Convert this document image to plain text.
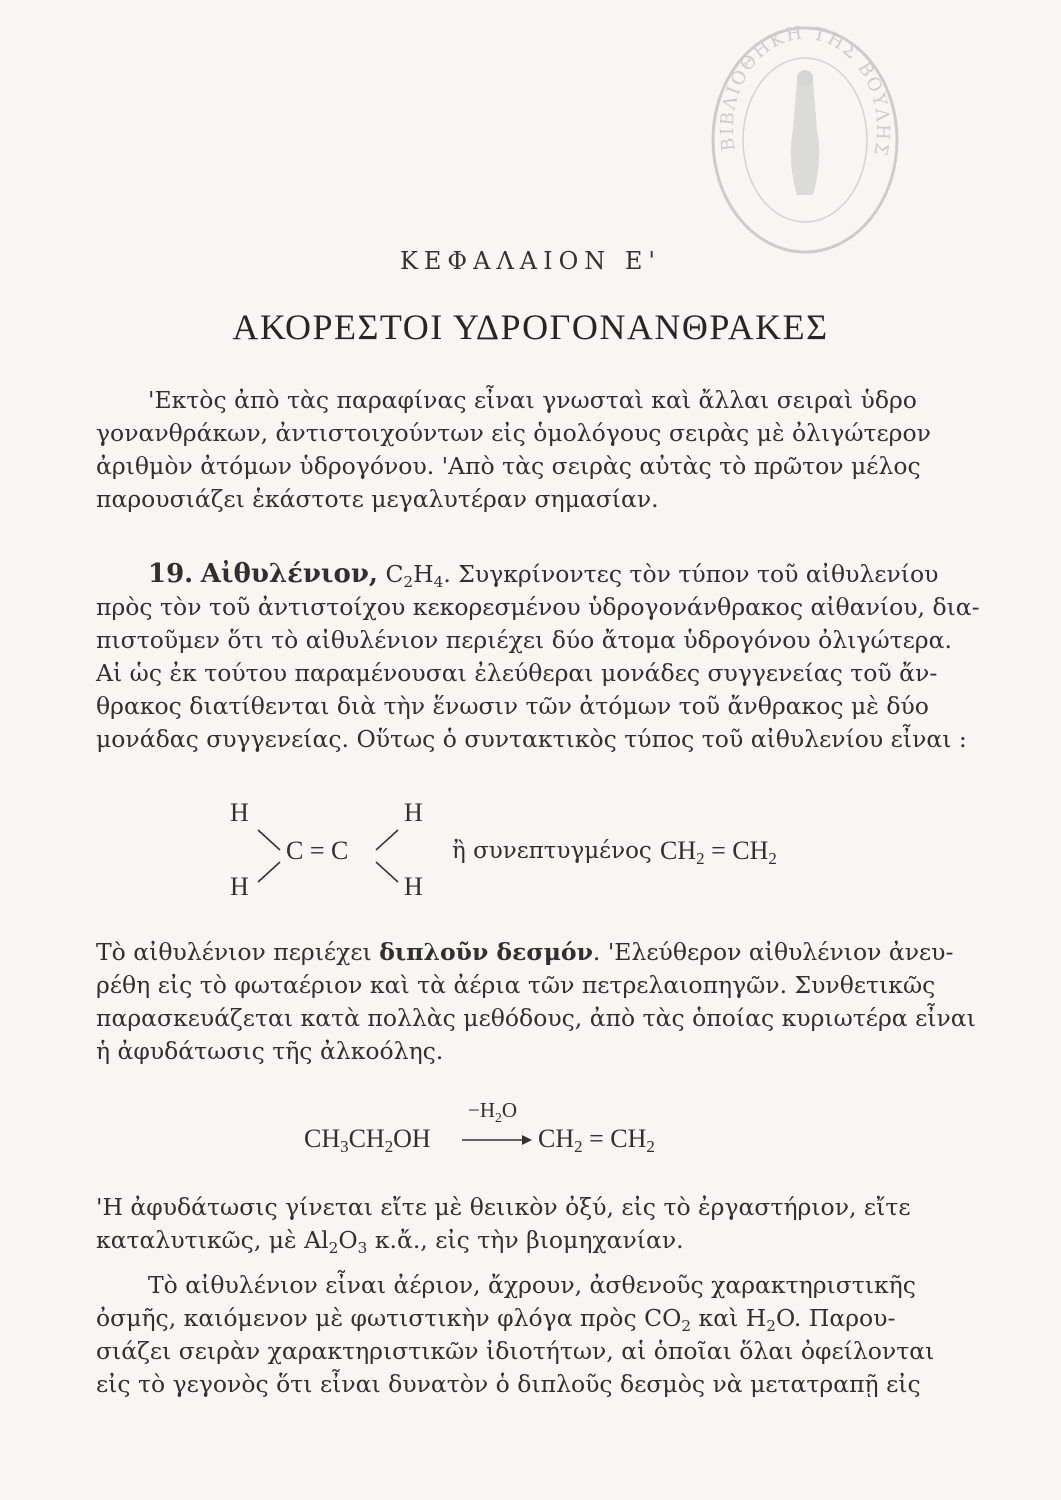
ΒΙΒΛΙΟΘΗΚΗ ΤΗΣ ΒΟΥΛΗΣ
ΚΕΦΑΛΑΙΟΝ Ε'
ΑΚΟΡΕΣΤΟΙ ΥΔΡΟΓΟΝΑΝΘΡΑΚΕΣ
'Εκτὸς ἀπὸ τὰς παραφίνας εἶναι γνωσταὶ καὶ ἄλλαι σειραὶ ὑδρο
γονανθράκων, ἀντιστοιχούντων εἰς ὁμολόγους σειρὰς μὲ ὀλιγώτερον
ἀριθμὸν ἀτόμων ὑδρογόνου. 'Απὸ τὰς σειρὰς αὐτὰς τὸ πρῶτον μέλος
παρουσιάζει ἑκάστοτε μεγαλυτέραν σημασίαν.
19. Αἰθυλένιον, $C_2H_4$. Συγκρίνοντες τὸν τύπον τοῦ αἰθυλενίου
πρὸς τὸν τοῦ ἀντιστοίχου κεκορεσμένου ὑδρογονάνθρακος αἰθανίου, δια-
πιστοῦμεν ὅτι τὸ αἰθυλένιον περιέχει δύο ἄτομα ὑδρογόνου ὀλιγώτερα.
Αἱ ὡς ἐκ τούτου παραμένουσαι ἐλεύθεραι μονάδες συγγενείας τοῦ ἄν-
θρακος διατίθενται διὰ τὴν ἕνωσιν τῶν ἀτόμων τοῦ ἄνθρακος μὲ δύο
μονάδας συγγενείας. Οὕτως ὁ συντακτικὸς τύπος τοῦ αἰθυλενίου εἶναι :
H	H
H	H
C = C	ἢ συνεπτυγμένος $CH_2 = CH_2$
Τὸ αἰθυλένιον περιέχει διπλοῦν δεσμόν. 'Ελεύθερον αἰθυλένιον ἀνευ-
ρέθη εἰς τὸ φωταέριον καὶ τὰ ἀέρια τῶν πετρελαιοπηγῶν. Συνθετικῶς
παρασκευάζεται κατὰ πολλὰς μεθόδους, ἀπὸ τὰς ὁποίας κυριωτέρα εἶναι
ἡ ἀφυδάτωσις τῆς ἀλκοόλης.
$CH_3CH_2OH$
$-H_2O$
$CH_2 = CH_2$
'Η ἀφυδάτωσις γίνεται εἴτε μὲ θειικὸν ὀξύ, εἰς τὸ ἐργαστήριον, εἴτε
καταλυτικῶς, μὲ $Al_2O_3$ κ.ἄ., εἰς τὴν βιομηχανίαν.
Τὸ αἰθυλένιον εἶναι ἀέριον, ἄχρουν, ἀσθενοῦς χαρακτηριστικῆς
ὀσμῆς, καιόμενον μὲ φωτιστικὴν φλόγα πρὸς $CO_2$ καὶ $H_2O$. Παρου-
σιάζει σειρὰν χαρακτηριστικῶν ἰδιοτήτων, αἱ ὁποῖαι ὅλαι ὀφείλονται
εἰς τὸ γεγονὸς ὅτι εἶναι δυνατὸν ὁ διπλοῦς δεσμὸς νὰ μετατραπῇ εἰς
